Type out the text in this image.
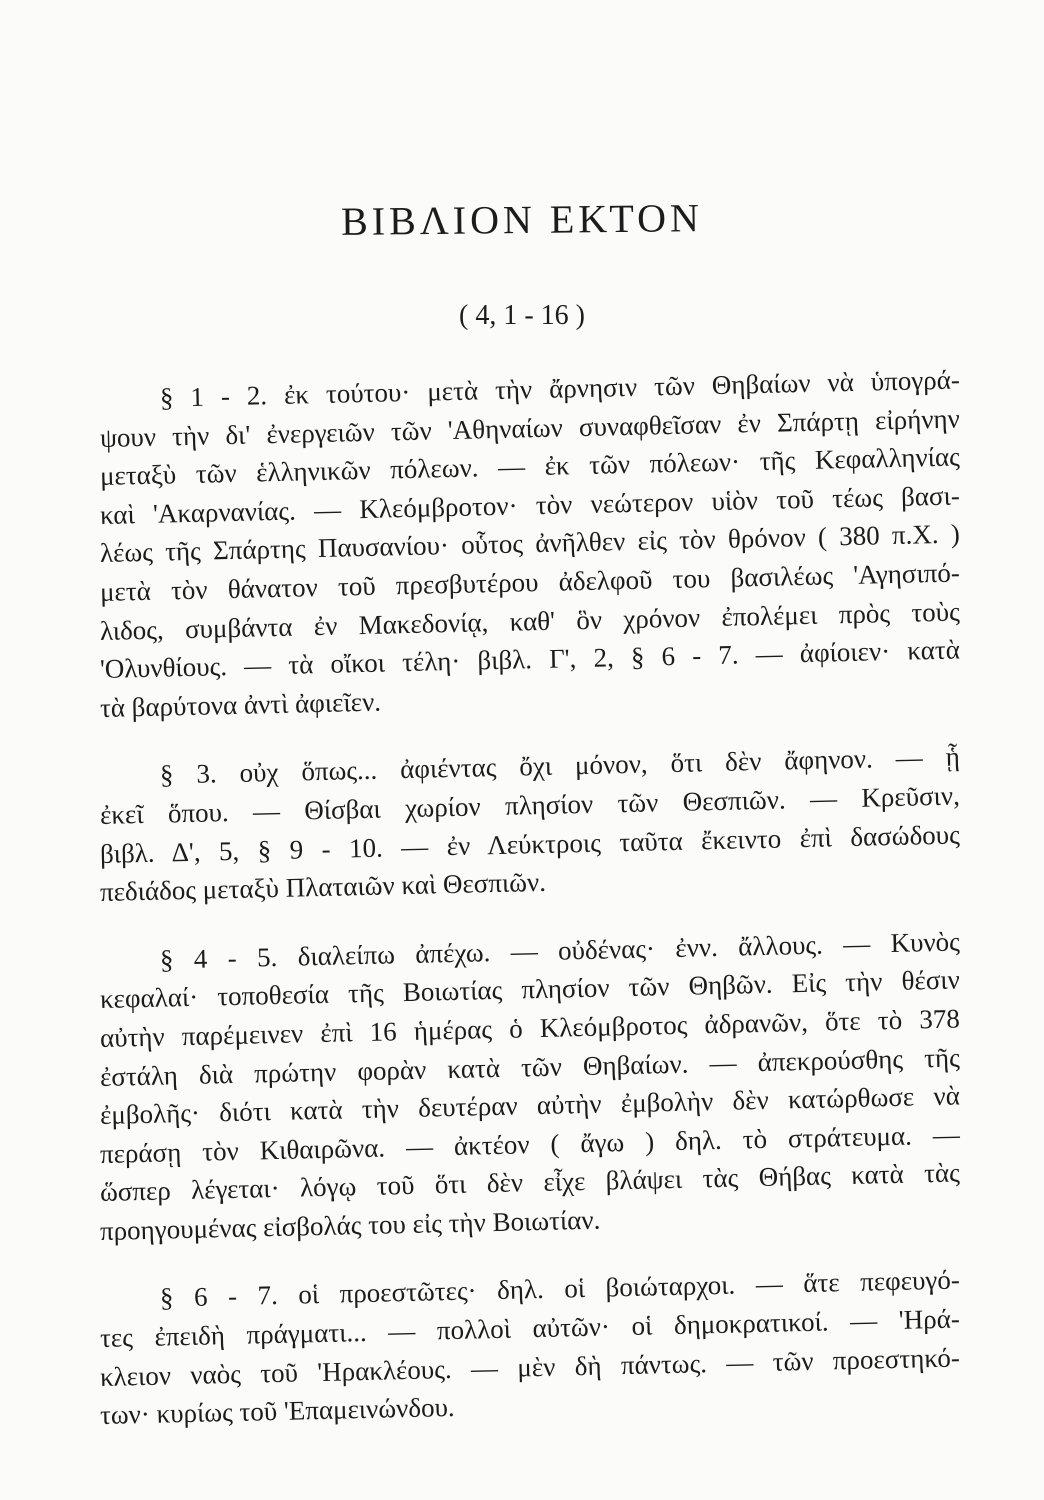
ΒΙΒΛΙΟΝ ΕΚΤΟΝ
( 4, 1 - 16 )
§ 1 - 2. ἐκ τούτου· μετὰ τὴν ἄρνησιν τῶν Θηβαίων νὰ ὑπογρά-
ψουν τὴν δι' ἐνεργειῶν τῶν 'Αθηναίων συναφθεῖσαν ἐν Σπάρτῃ εἰρήνην
μεταξὺ τῶν ἑλληνικῶν πόλεων. — ἐκ τῶν πόλεων· τῆς Κεφαλληνίας
καὶ 'Ακαρνανίας. — Κλεόμβροτον· τὸν νεώτερον υἱὸν τοῦ τέως βασι-
λέως τῆς Σπάρτης Παυσανίου· οὗτος ἀνῆλθεν εἰς τὸν θρόνον ( 380 π.Χ. )
μετὰ τὸν θάνατον τοῦ πρεσβυτέρου ἀδελφοῦ του βασιλέως 'Αγησιπό-
λιδος, συμβάντα ἐν Μακεδονίᾳ, καθ' ὃν χρόνον ἐπολέμει πρὸς τοὺς
'Ολυνθίους. — τὰ οἴκοι τέλη· βιβλ. Γ', 2, § 6 - 7. — ἀφίοιεν· κατὰ
τὰ βαρύτονα ἀντὶ ἀφιεῖεν.
§ 3. οὐχ ὅπως... ἀφιέντας ὄχι μόνον, ὅτι δὲν ἄφηνον. — ᾗ
ἐκεῖ ὅπου. — Θίσβαι χωρίον πλησίον τῶν Θεσπιῶν. — Κρεῦσιν,
βιβλ. Δ', 5, § 9 - 10. — ἐν Λεύκτροις ταῦτα ἔκειντο ἐπὶ δασώδους
πεδιάδος μεταξὺ Πλαταιῶν καὶ Θεσπιῶν.
§ 4 - 5. διαλείπω ἀπέχω. — οὐδένας· ἐνν. ἄλλους. — Κυνὸς
κεφαλαί· τοποθεσία τῆς Βοιωτίας πλησίον τῶν Θηβῶν. Εἰς τὴν θέσιν
αὐτὴν παρέμεινεν ἐπὶ 16 ἡμέρας ὁ Κλεόμβροτος ἀδρανῶν, ὅτε τὸ 378
ἐστάλη διὰ πρώτην φορὰν κατὰ τῶν Θηβαίων. — ἀπεκρούσθης τῆς
ἐμβολῆς· διότι κατὰ τὴν δευτέραν αὐτὴν ἐμβολὴν δὲν κατώρθωσε νὰ
περάσῃ τὸν Κιθαιρῶνα. — ἀκτέον ( ἄγω ) δηλ. τὸ στράτευμα. —
ὥσπερ λέγεται· λόγῳ τοῦ ὅτι δὲν εἶχε βλάψει τὰς Θήβας κατὰ τὰς
προηγουμένας εἰσβολάς του εἰς τὴν Βοιωτίαν.
§ 6 - 7. οἱ προεστῶτες· δηλ. οἱ βοιώταρχοι. — ἅτε πεφευγό-
τες ἐπειδὴ πράγματι... — πολλοὶ αὐτῶν· οἱ δημοκρατικοί. — 'Ηρά-
κλειον ναὸς τοῦ 'Ηρακλέους. — μὲν δὴ πάντως. — τῶν προεστηκό-
των· κυρίως τοῦ 'Επαμεινώνδου.
